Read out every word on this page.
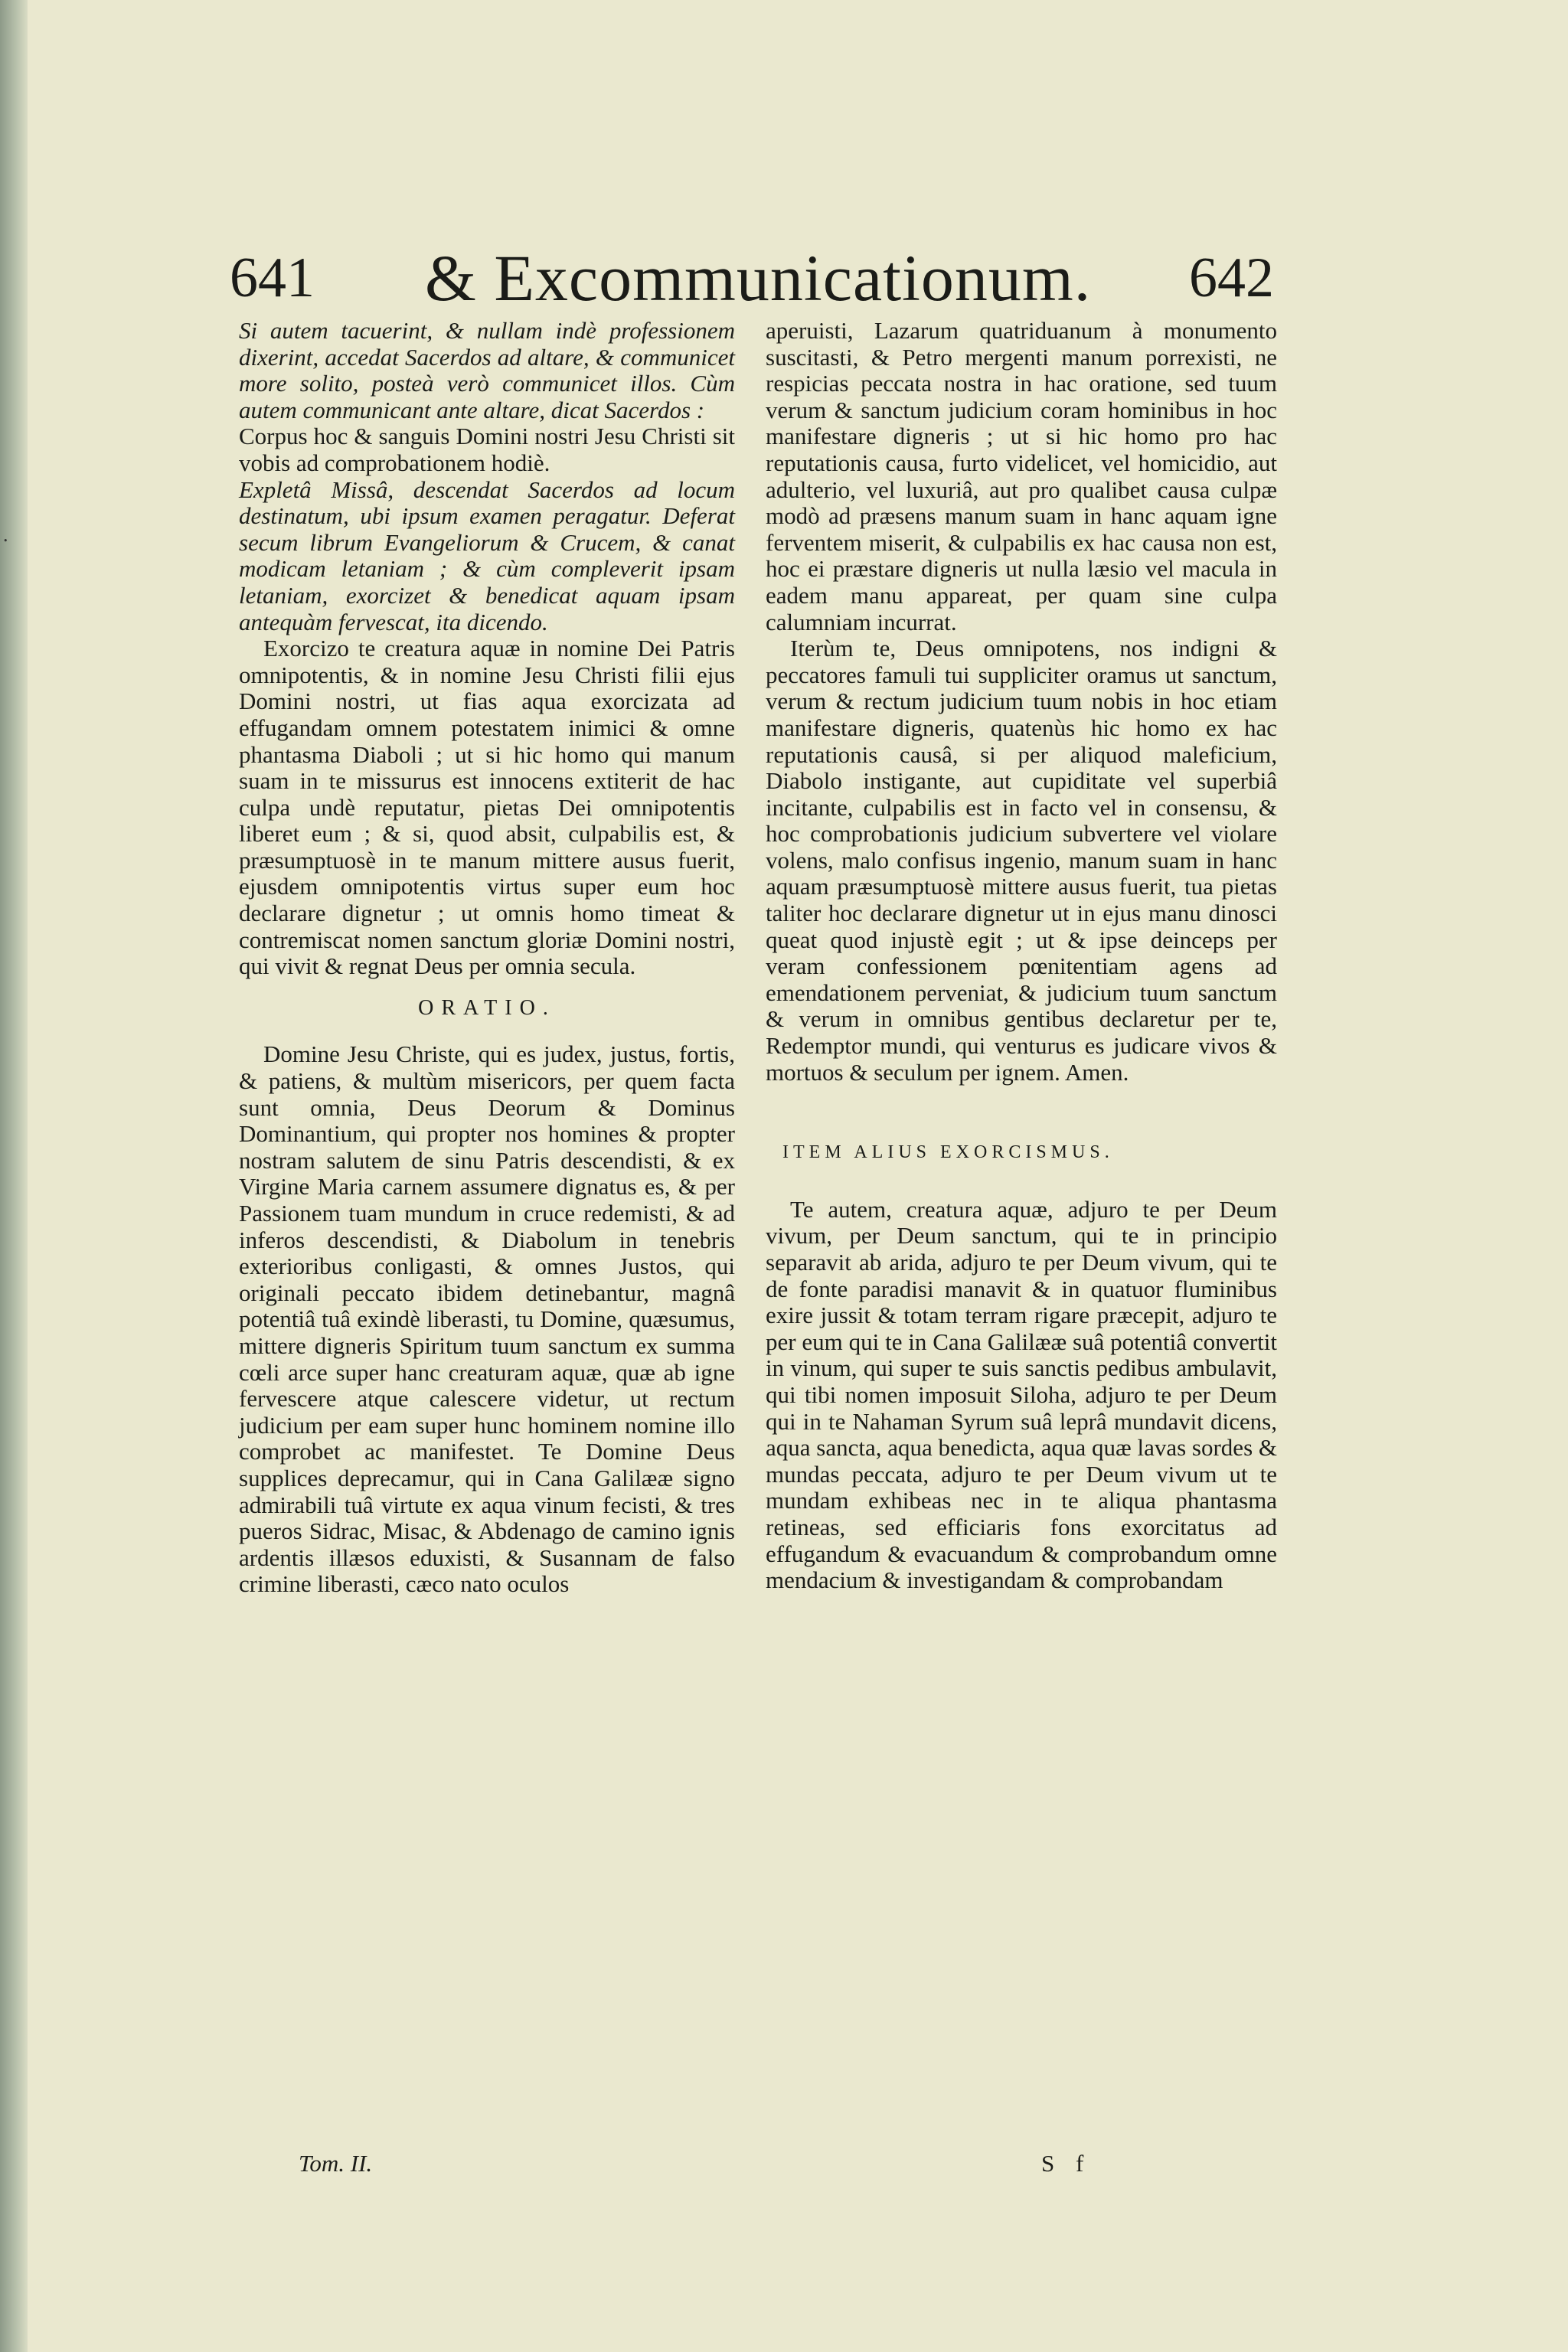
•
641 & Excommunicationum. 642

Si autem tacuerint, & nullam indè professionem dixerint, accedat Sacerdos ad altare, & communicet more solito, posteà verò communicet illos. Cùm autem communicant ante altare, dicat Sacerdos :

Corpus hoc & sanguis Domini nostri Jesu Christi sit vobis ad comprobationem hodiè.

Expletâ Missâ, descendat Sacerdos ad locum destinatum, ubi ipsum examen peragatur. Deferat secum librum Evangeliorum & Crucem, & canat modicam letaniam ; & cùm compleverit ipsam letaniam, exorcizet & benedicat aquam ipsam antequàm fervescat, ita dicendo.

Exorcizo te creatura aquæ in nomine Dei Patris omnipotentis, & in nomine Jesu Christi filii ejus Domini nostri, ut fias aqua exorcizata ad effugandam omnem potestatem inimici & omne phantasma Diaboli ; ut si hic homo qui manum suam in te missurus est innocens extiterit de hac culpa undè reputatur, pietas Dei omnipotentis liberet eum ; & si, quod absit, culpabilis est, & præsumptuosè in te manum mittere ausus fuerit, ejusdem omnipotentis virtus super eum hoc declarare dignetur ; ut omnis homo timeat & contremiscat nomen sanctum gloriæ Domini nostri, qui vivit & regnat Deus per omnia secula.

ORATIO.

Domine Jesu Christe, qui es judex, justus, fortis, & patiens, & multùm misericors, per quem facta sunt omnia, Deus Deorum & Dominus Dominantium, qui propter nos homines & propter nostram salutem de sinu Patris descendisti, & ex Virgine Maria carnem assumere dignatus es, & per Passionem tuam mundum in cruce redemisti, & ad inferos descendisti, & Diabolum in tenebris exterioribus conligasti, & omnes Justos, qui originali peccato ibidem detinebantur, magnâ potentiâ tuâ exindè liberasti, tu Domine, quæsumus, mittere digneris Spiritum tuum sanctum ex summa cœli arce super hanc creaturam aquæ, quæ ab igne fervescere atque calescere videtur, ut rectum judicium per eam super hunc hominem nomine illo comprobet ac manifestet. Te Domine Deus supplices deprecamur, qui in Cana Galilææ signo admirabili tuâ virtute ex aqua vinum fecisti, & tres pueros Sidrac, Misac, & Abdenago de camino ignis ardentis illæsos eduxisti, & Susannam de falso crimine liberasti, cæco nato oculos

aperuisti, Lazarum quatriduanum à monumento suscitasti, & Petro mergenti manum porrexisti, ne respicias peccata nostra in hac oratione, sed tuum verum & sanctum judicium coram hominibus in hoc manifestare digneris ; ut si hic homo pro hac reputationis causa, furto videlicet, vel homicidio, aut adulterio, vel luxuriâ, aut pro qualibet causa culpæ modò ad præsens manum suam in hanc aquam igne ferventem miserit, & culpabilis ex hac causa non est, hoc ei præstare digneris ut nulla læsio vel macula in eadem manu appareat, per quam sine culpa calumniam incurrat.

Iterùm te, Deus omnipotens, nos indigni & peccatores famuli tui suppliciter oramus ut sanctum, verum & rectum judicium tuum nobis in hoc etiam manifestare digneris, quatenùs hic homo ex hac reputationis causâ, si per aliquod maleficium, Diabolo instigante, aut cupiditate vel superbiâ incitante, culpabilis est in facto vel in consensu, & hoc comprobationis judicium subvertere vel violare volens, malo confisus ingenio, manum suam in hanc aquam præsumptuosè mittere ausus fuerit, tua pietas taliter hoc declarare dignetur ut in ejus manu dinosci queat quod injustè egit ; ut & ipse deinceps per veram confessionem pœnitentiam agens ad emendationem perveniat, & judicium tuum sanctum & verum in omnibus gentibus declaretur per te, Redemptor mundi, qui venturus es judicare vivos & mortuos & seculum per ignem. Amen.

ITEM ALIUS EXORCISMUS.

Te autem, creatura aquæ, adjuro te per Deum vivum, per Deum sanctum, qui te in principio separavit ab arida, adjuro te per Deum vivum, qui te de fonte paradisi manavit & in quatuor fluminibus exire jussit & totam terram rigare præcepit, adjuro te per eum qui te in Cana Galilææ suâ potentiâ convertit in vinum, qui super te suis sanctis pedibus ambulavit, qui tibi nomen imposuit Siloha, adjuro te per Deum qui in te Nahaman Syrum suâ leprâ mundavit dicens, aqua sancta, aqua benedicta, aqua quæ lavas sordes & mundas peccata, adjuro te per Deum vivum ut te mundam exhibeas nec in te aliqua phantasma retineas, sed efficiaris fons exorcitatus ad effugandum & evacuandum & comprobandum omne mendacium & investigandam & comprobandam

Tom. II.	S f
